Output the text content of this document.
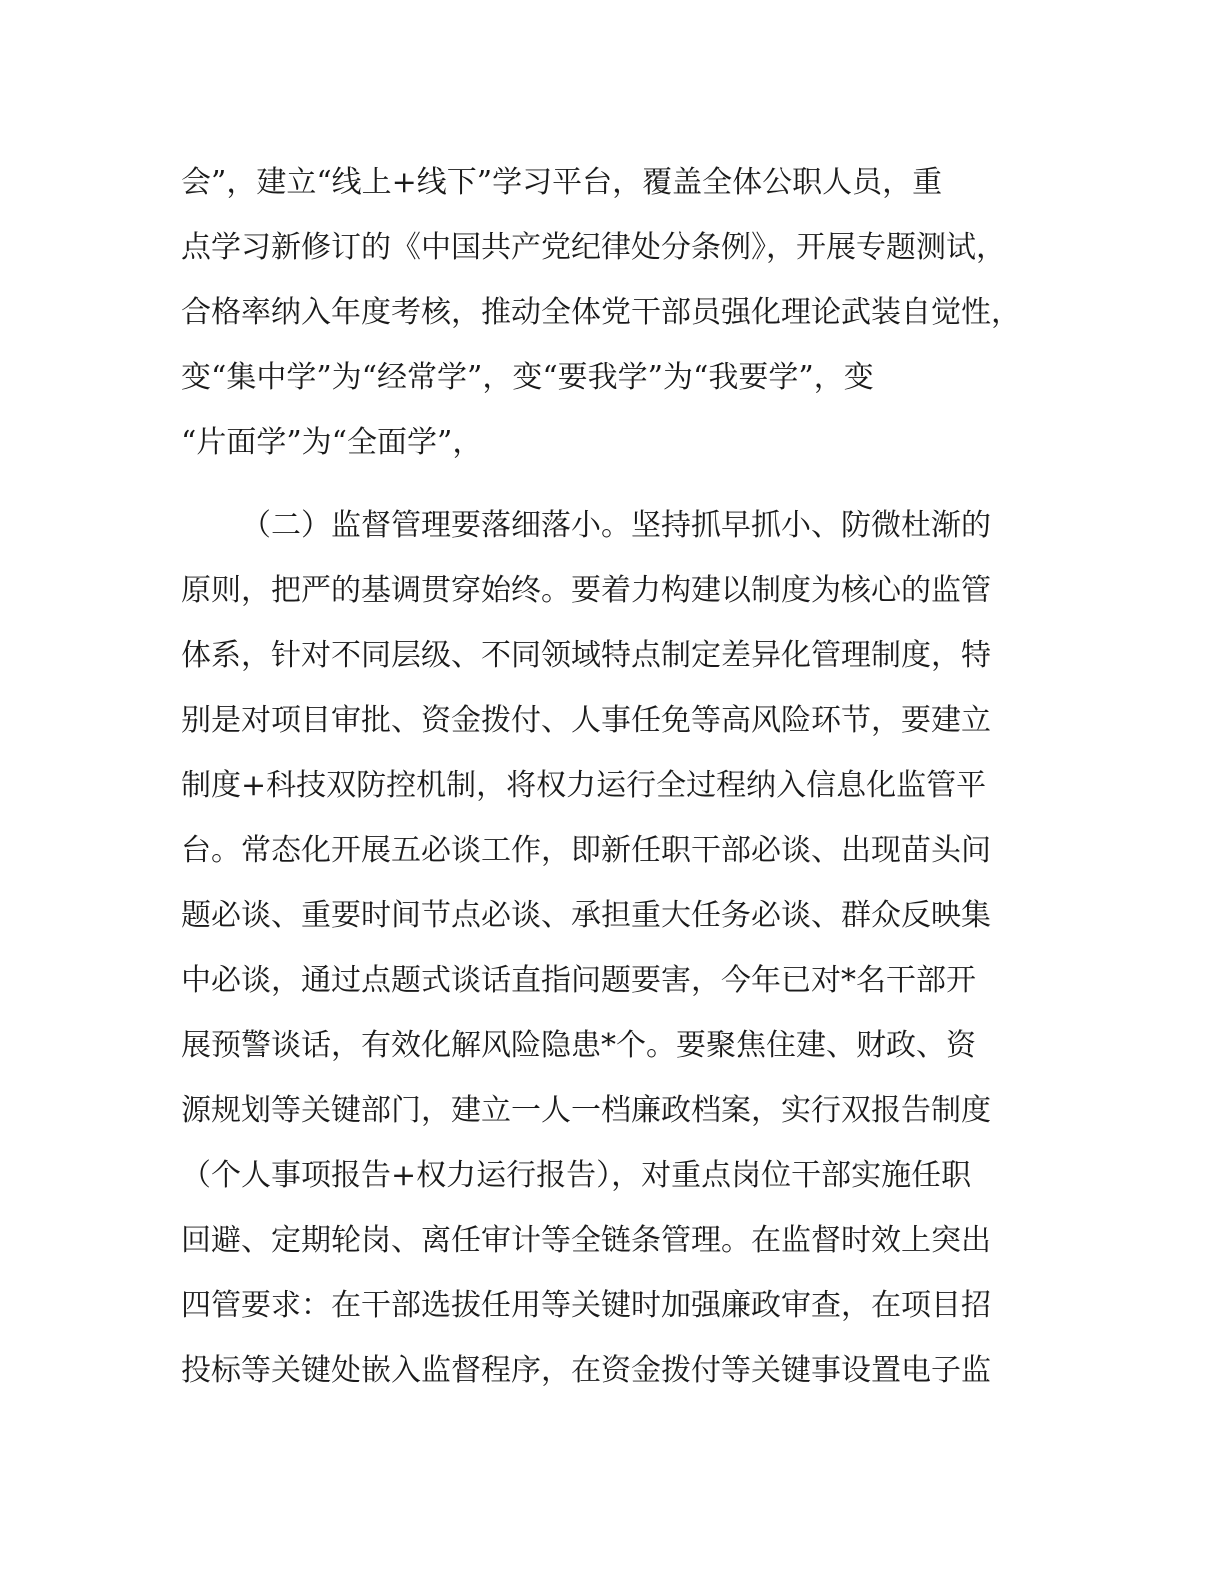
会”，建立“线上+线下”学习平台，覆盖全体公职人员，重
点学习新修订的《中国共产党纪律处分条例》，开展专题测试，
合格率纳入年度考核，推动全体党干部员强化理论武装自觉性，
变“集中学”为“经常学”，变“要我学”为“我要学”，变
“片面学”为“全面学”，
（二）监督管理要落细落小。坚持抓早抓小、防微杜渐的
原则，把严的基调贯穿始终。要着力构建以制度为核心的监管
体系，针对不同层级、不同领域特点制定差异化管理制度，特
别是对项目审批、资金拨付、人事任免等高风险环节，要建立
制度+科技双防控机制，将权力运行全过程纳入信息化监管平
台。常态化开展五必谈工作，即新任职干部必谈、出现苗头问
题必谈、重要时间节点必谈、承担重大任务必谈、群众反映集
中必谈，通过点题式谈话直指问题要害，今年已对*名干部开
展预警谈话，有效化解风险隐患*个。要聚焦住建、财政、资
源规划等关键部门，建立一人一档廉政档案，实行双报告制度
（个人事项报告+权力运行报告），对重点岗位干部实施任职
回避、定期轮岗、离任审计等全链条管理。在监督时效上突出
四管要求：在干部选拔任用等关键时加强廉政审查，在项目招
投标等关键处嵌入监督程序，在资金拨付等关键事设置电子监
